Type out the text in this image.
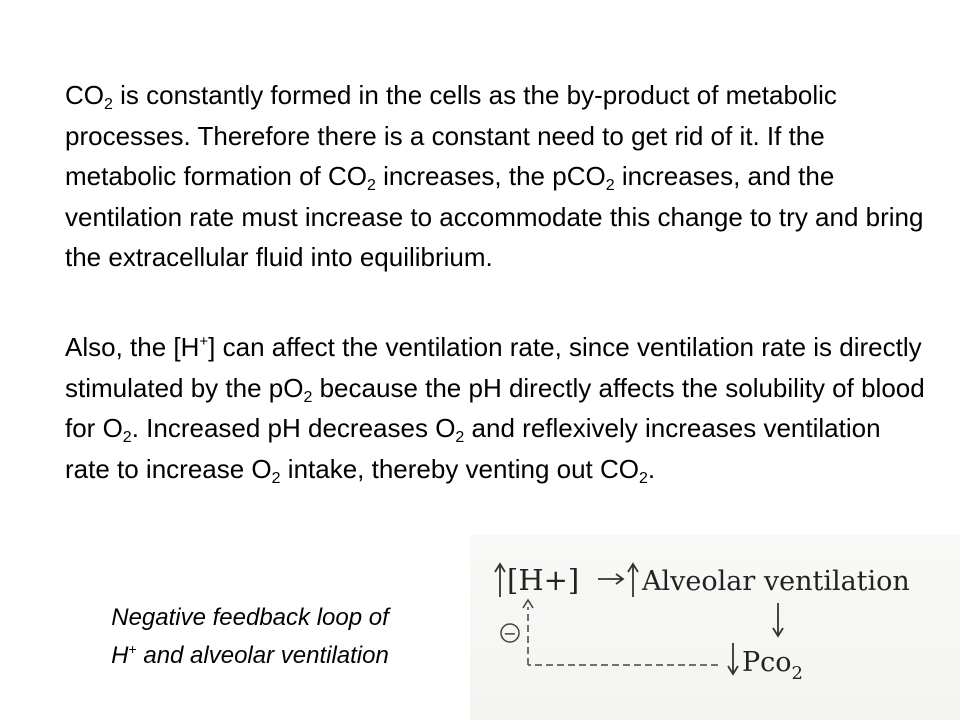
$CO_2$ is constantly formed in the cells as the by-product of metabolic processes. Therefore there is a constant need to get rid of it. If the metabolic formation of $CO_2$ increases, the pCO$_2$ increases, and the ventilation rate must increase to accommodate this change to try and bring the extracellular fluid into equilibrium.

Also, the [H+] can affect the ventilation rate, since ventilation rate is directly stimulated by the $pO_2$ because the pH directly affects the solubility of blood for $O_2$. Increased pH decreases $O_2$ and reflexively increases ventilation rate to increase $O_2$ intake, thereby venting out $CO_2$.

Negative feedback loop of
H+ and alveolar ventilation
[H+] Alveolar ventilation
Pco$_2$
−
